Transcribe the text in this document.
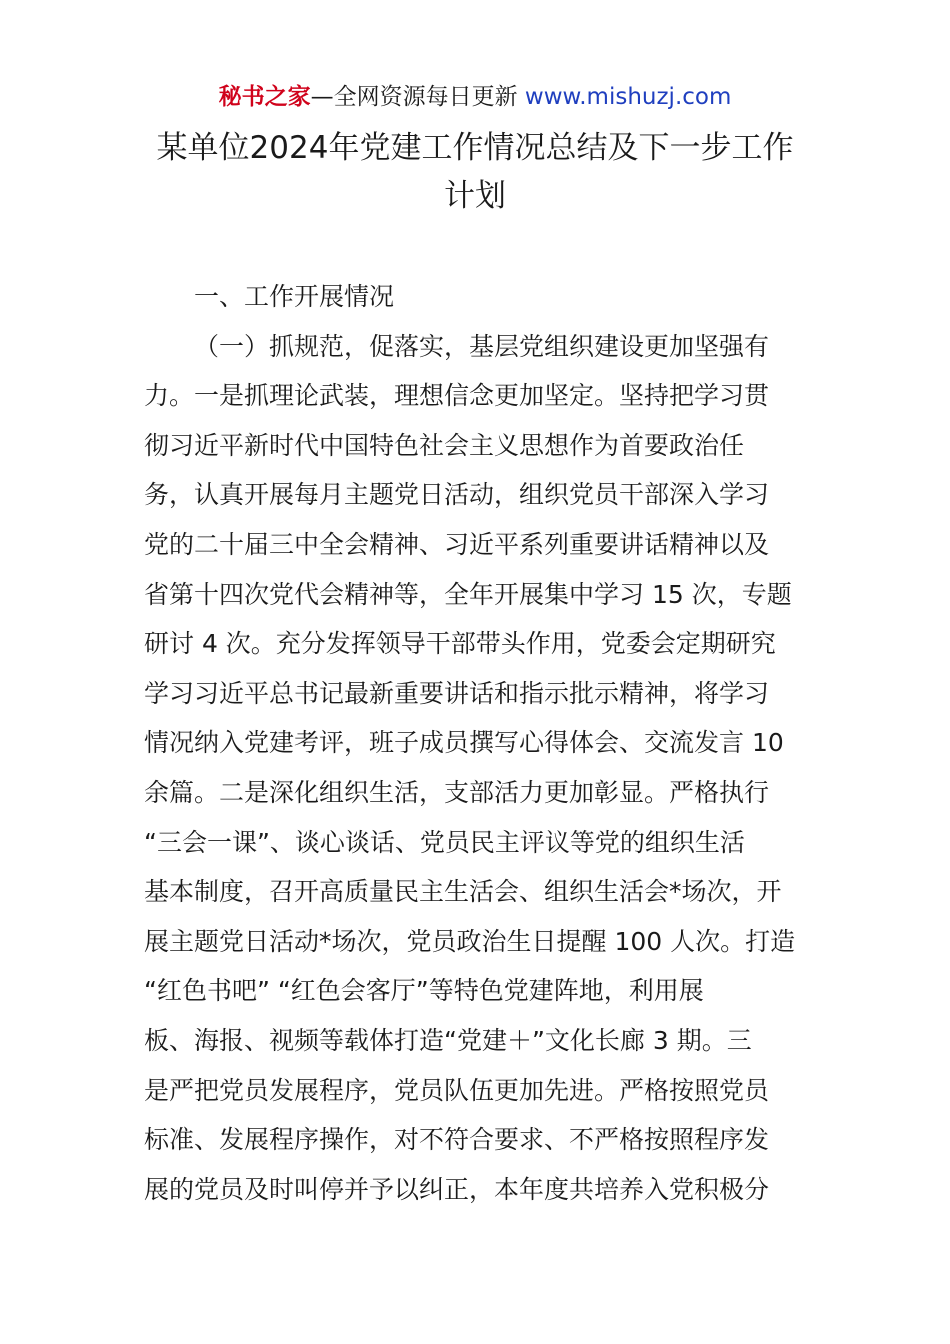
秘书之家—全网资源每日更新 www.mishuzj.com
某单位2024年党建工作情况总结及下一步工作
计划
一、工作开展情况
（一）抓规范，促落实，基层党组织建设更加坚强有
力。一是抓理论武装，理想信念更加坚定。坚持把学习贯
彻习近平新时代中国特色社会主义思想作为首要政治任
务，认真开展每月主题党日活动，组织党员干部深入学习
党的二十届三中全会精神、习近平系列重要讲话精神以及
省第十四次党代会精神等，全年开展集中学习 15 次，专题
研讨 4 次。充分发挥领导干部带头作用，党委会定期研究
学习习近平总书记最新重要讲话和指示批示精神，将学习
情况纳入党建考评，班子成员撰写心得体会、交流发言 10
余篇。二是深化组织生活，支部活力更加彰显。严格执行
“三会一课”、谈心谈话、党员民主评议等党的组织生活
基本制度，召开高质量民主生活会、组织生活会*场次，开
展主题党日活动*场次，党员政治生日提醒 100 人次。打造
“红色书吧” “红色会客厅”等特色党建阵地，利用展
板、海报、视频等载体打造“党建＋”文化长廊 3 期。三
是严把党员发展程序，党员队伍更加先进。严格按照党员
标准、发展程序操作，对不符合要求、不严格按照程序发
展的党员及时叫停并予以纠正，本年度共培养入党积极分
